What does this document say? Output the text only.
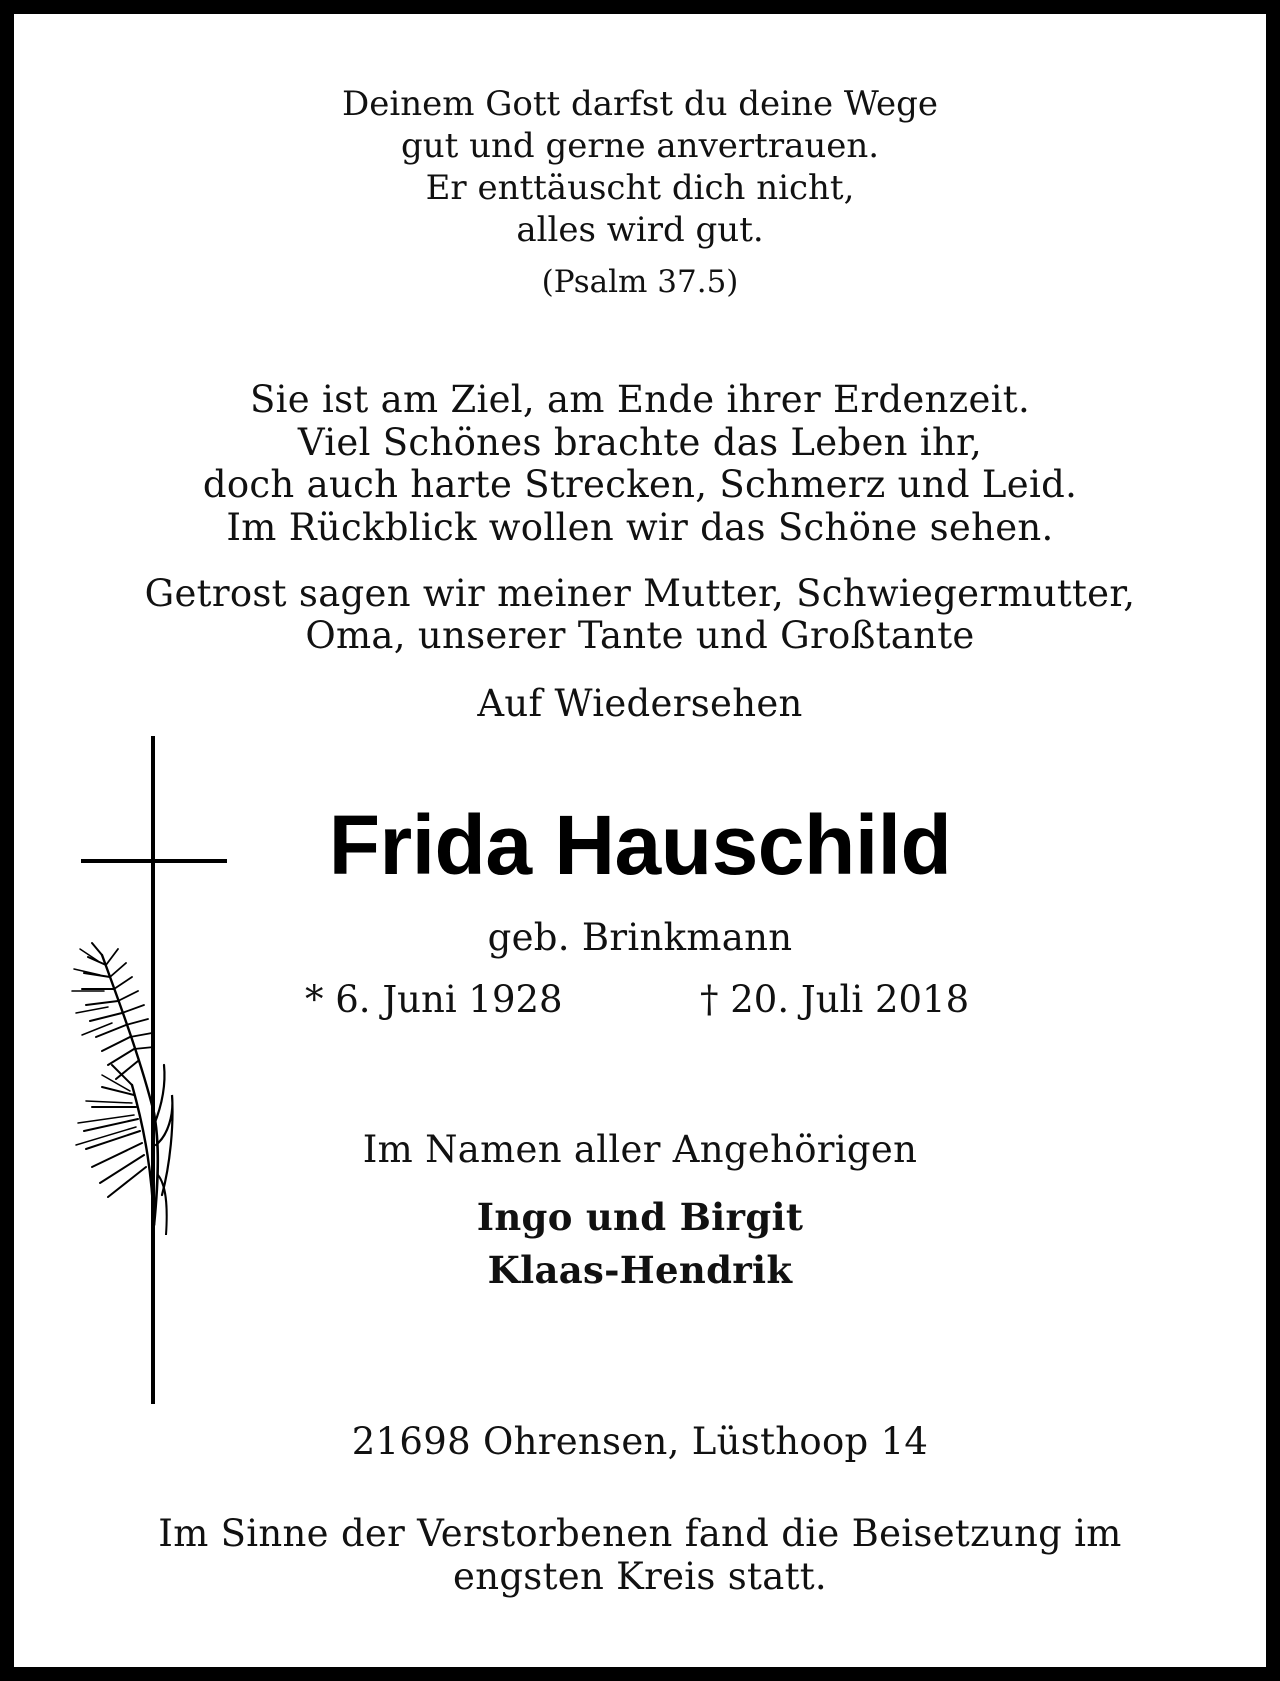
Deinem Gott darfst du deine Wege
gut und gerne anvertrauen.
Er enttäuscht dich nicht,
alles wird gut.
(Psalm 37.5)
Sie ist am Ziel, am Ende ihrer Erdenzeit.
Viel Schönes brachte das Leben ihr,
doch auch harte Strecken, Schmerz und Leid.
Im Rückblick wollen wir das Schöne sehen.
Getrost sagen wir meiner Mutter, Schwiegermutter,
Oma, unserer Tante und Großtante
Auf Wiedersehen
Frida Hauschild
geb. Brinkmann
* 6. Juni 1928	† 20. Juli 2018
Im Namen aller Angehörigen
Ingo und Birgit
Klaas-Hendrik
21698 Ohrensen, Lüsthoop 14
Im Sinne der Verstorbenen fand die Beisetzung im
engsten Kreis statt.
